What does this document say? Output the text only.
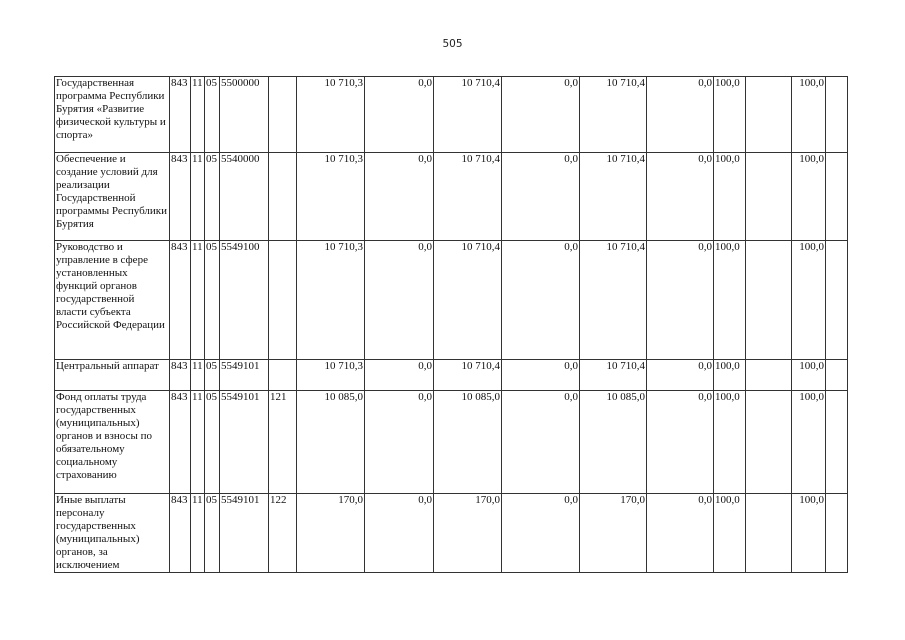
505
Государственная программа Республики Бурятия «Развитие физической культуры и спорта»	843	11	05	5500000		10 710,3	0,0	10 710,4	0,0	10 710,4	0,0	100,0		100,0	
Обеспечение и создание условий для реализации Государственной программы Республики Бурятия	843	11	05	5540000		10 710,3	0,0	10 710,4	0,0	10 710,4	0,0	100,0		100,0	
Руководство и управление в сфере установленных функций органов государственной власти субъекта Российской Федерации	843	11	05	5549100		10 710,3	0,0	10 710,4	0,0	10 710,4	0,0	100,0		100,0	
Центральный аппарат	843	11	05	5549101		10 710,3	0,0	10 710,4	0,0	10 710,4	0,0	100,0		100,0	
Фонд оплаты труда государственных (муниципальных) органов и взносы по обязательному социальному страхованию	843	11	05	5549101	121	10 085,0	0,0	10 085,0	0,0	10 085,0	0,0	100,0		100,0	
Иные выплаты персоналу государственных (муниципальных) органов, за исключением	843	11	05	5549101	122	170,0	0,0	170,0	0,0	170,0	0,0	100,0		100,0	
